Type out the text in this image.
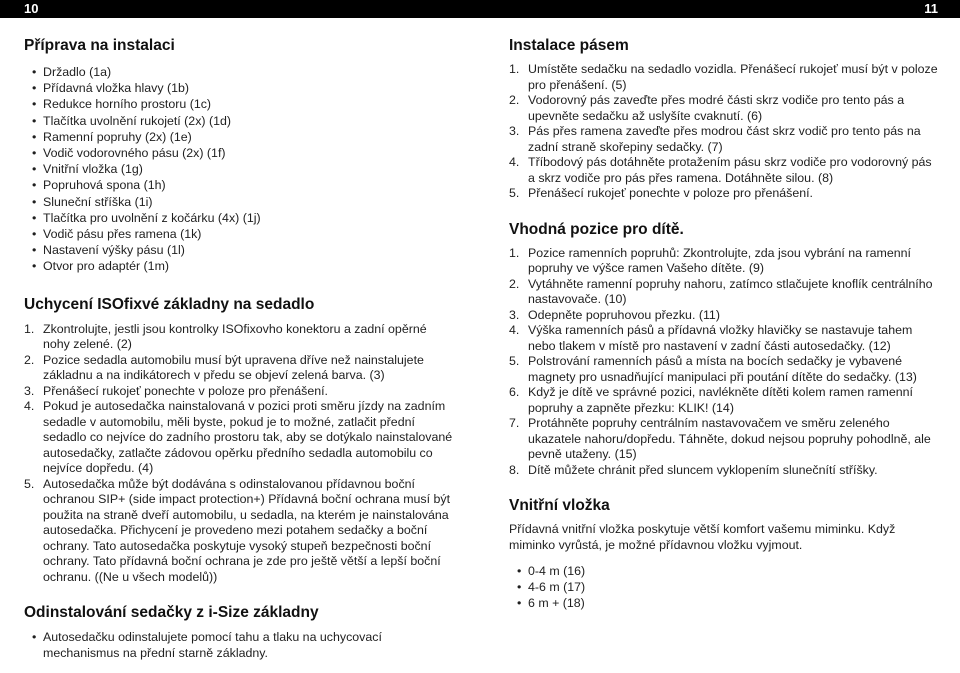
10	11
Příprava na instalaci
• Držadlo (1a)
• Přídavná vložka hlavy (1b)
• Redukce horního prostoru (1c)
• Tlačítka uvolnění rukojetí (2x) (1d)
• Ramenní popruhy (2x) (1e)
• Vodič vodorovného pásu (2x) (1f)
• Vnitřní vložka (1g)
• Popruhová spona (1h)
• Sluneční stříška (1i)
• Tlačítka pro uvolnění z kočárku (4x) (1j)
• Vodič pásu přes ramena (1k)
• Nastavení výšky pásu (1l)
• Otvor pro adaptér (1m)
Uchycení ISOfixvé základny na sedadlo
1. Zkontrolujte, jestli jsou kontrolky ISOfixovho konektoru a zadní opěrné nohy zelené. (2)
2. Pozice sedadla automobilu musí být upravena dříve než nainstalujete základnu a na indikátorech v předu se objeví zelená barva. (3)
3. Přenášecí rukojeť ponechte v poloze pro přenášení.
4. Pokud je autosedačka nainstalovaná v pozici proti směru jízdy na zadním sedadle v automobilu, měli byste, pokud je to možné, zatlačit přední sedadlo co nejvíce do zadního prostoru tak, aby se dotýkalo nainstalované autosedačky, zatlačte zádovou opěrku předního sedadla automobilu co nejvíce dopředu. (4)
5. Autosedačka může být dodávána s odinstalovanou přídavnou boční ochranou SIP+ (side impact protection+) Přídavná boční ochrana musí být použita na straně dveří automobilu, u sedadla, na kterém je nainstalována autosedačka. Přichycení je provedeno mezi potahem sedačky a boční ochrany. Tato autosedačka poskytuje vysoký stupeň bezpečnosti boční ochrany. Tato přídavná boční ochrana je zde pro ještě větší a lepší boční ochranu. ((Ne u všech modelů))
Odinstalování sedačky z i-Size základny
• Autosedačku odinstalujete pomocí tahu a tlaku na uchycovací mechanismus na přední starně základny.
Instalace pásem
1. Umístěte sedačku na sedadlo vozidla. Přenášecí rukojeť musí být v poloze pro přenášení. (5)
2. Vodorovný pás zaveďte přes modré části skrz vodiče pro tento pás a upevněte sedačku až uslyšíte cvaknutí. (6)
3. Pás přes ramena zaveďte přes modrou část skrz vodič pro tento pás na zadní straně skořepiny sedačky. (7)
4. Tříbodový pás dotáhněte protažením pásu skrz vodiče pro vodorovný pás a skrz vodiče pro pás přes ramena. Dotáhněte silou. (8)
5. Přenášecí rukojeť ponechte v poloze pro přenášení.
Vhodná pozice pro dítě.
1. Pozice ramenních popruhů: Zkontrolujte, zda jsou vybrání na ramenní popruhy ve výšce ramen Vašeho dítěte. (9)
2. Vytáhněte ramenní popruhy nahoru, zatímco stlačujete knoflík centrálního nastavovače. (10)
3. Odepněte popruhovou přezku. (11)
4. Výška ramenních pásů a přídavná vložky hlavičky se nastavuje tahem nebo tlakem v místě pro nastavení v zadní části autosedačky. (12)
5. Polstrování ramenních pásů a místa na bocích sedačky je vybavené magnety pro usnadňující manipulaci při poutání dítěte do sedačky. (13)
6. Když je dítě ve správné pozici, navlékněte dítěti kolem ramen ramenní popruhy a zapněte přezku: KLIK! (14)
7. Protáhněte popruhy centrálním nastavovačem ve směru zeleného ukazatele nahoru/dopředu. Táhněte, dokud nejsou popruhy pohodlně, ale pevně utaženy. (15)
8. Dítě můžete chránit před sluncem vyklopením slunečnítí stříšky.
Vnitřní vložka

Přídavná vnitřní vložka poskytuje větší komfort vašemu miminku. Když miminko vyrůstá, je možné přídavnou vložku vyjmout.

• 0-4 m (16)
• 4-6 m (17)
• 6 m + (18)
